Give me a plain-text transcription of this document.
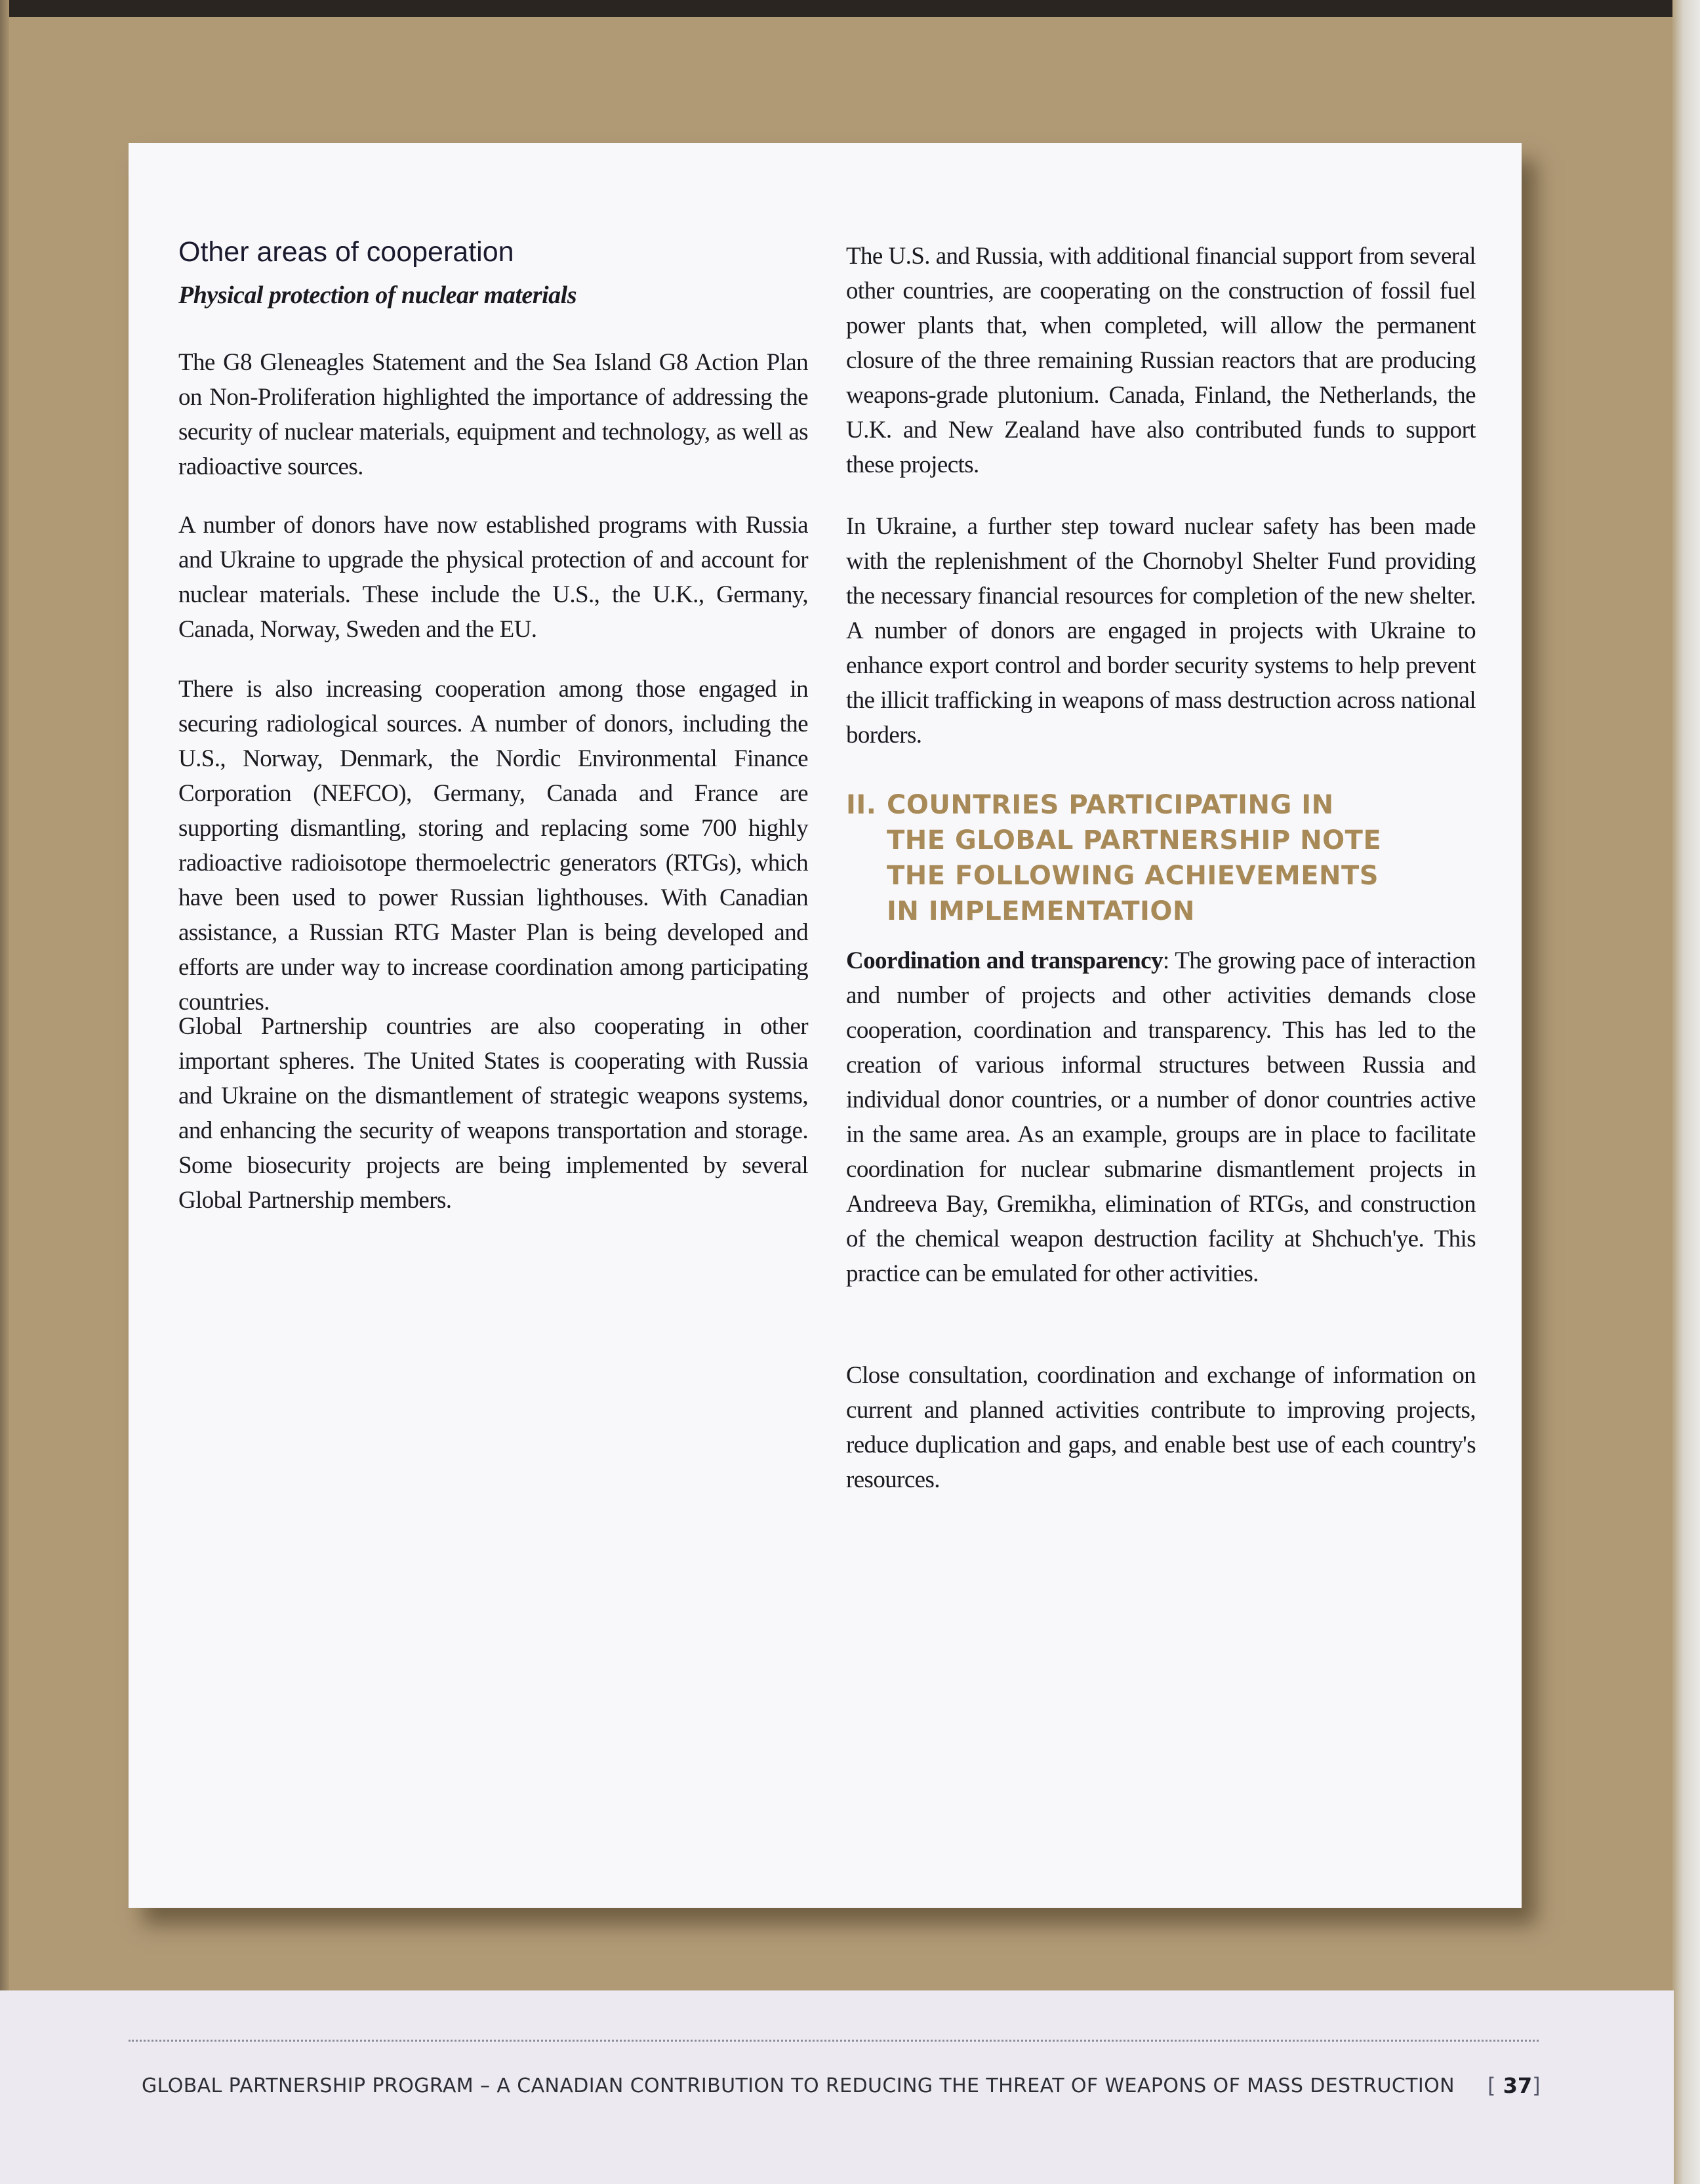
Other areas of cooperation
Physical protection of nuclear materials

The G8 Gleneagles Statement and the Sea Island G8 Action Plan on Non-Proliferation highlighted the importance of addressing the security of nuclear materials, equipment and technology, as well as radioactive sources.

A number of donors have now established programs with Russia and Ukraine to upgrade the physical protection of and account for nuclear materials. These include the U.S., the U.K., Germany, Canada, Norway, Sweden and the EU.

There is also increasing cooperation among those engaged in securing radiological sources. A number of donors, including the U.S., Norway, Denmark, the Nordic Environmental Finance Corporation (NEFCO), Germany, Canada and France are supporting dismantling, storing and replacing some 700 highly radioactive radioisotope thermoelectric generators (RTGs), which have been used to power Russian lighthouses. With Canadian assistance, a Russian RTG Master Plan is being developed and efforts are under way to increase coordination among participating countries.

Global Partnership countries are also cooperating in other important spheres. The United States is cooperating with Russia and Ukraine on the dismantlement of strategic weapons systems, and enhancing the security of weapons transportation and storage. Some biosecurity projects are being implemented by several Global Partnership members.

The U.S. and Russia, with additional financial support from several other countries, are cooperating on the construction of fossil fuel power plants that, when completed, will allow the permanent closure of the three remaining Russian reactors that are producing weapons-grade plutonium. Canada, Finland, the Netherlands, the U.K. and New Zealand have also contributed funds to support these projects.

In Ukraine, a further step toward nuclear safety has been made with the replenishment of the Chornobyl Shelter Fund providing the necessary financial resources for completion of the new shelter. A number of donors are engaged in projects with Ukraine to enhance export control and border security systems to help prevent the illicit trafficking in weapons of mass destruction across national borders.

II. COUNTRIES PARTICIPATING IN
THE GLOBAL PARTNERSHIP NOTE
THE FOLLOWING ACHIEVEMENTS
IN IMPLEMENTATION

Coordination and transparency: The growing pace of interaction and number of projects and other activities demands close cooperation, coordination and transparency. This has led to the creation of various informal structures between Russia and individual donor countries, or a number of donor countries active in the same area. As an example, groups are in place to facilitate coordination for nuclear submarine dismantlement projects in Andreeva Bay, Gremikha, elimination of RTGs, and construction of the chemical weapon destruction facility at Shchuch'ye. This practice can be emulated for other activities.

Close consultation, coordination and exchange of information on current and planned activities contribute to improving projects, reduce duplication and gaps, and enable best use of each country's resources.

GLOBAL PARTNERSHIP PROGRAM – A CANADIAN CONTRIBUTION TO REDUCING THE THREAT OF WEAPONS OF MASS DESTRUCTION [ 37]
